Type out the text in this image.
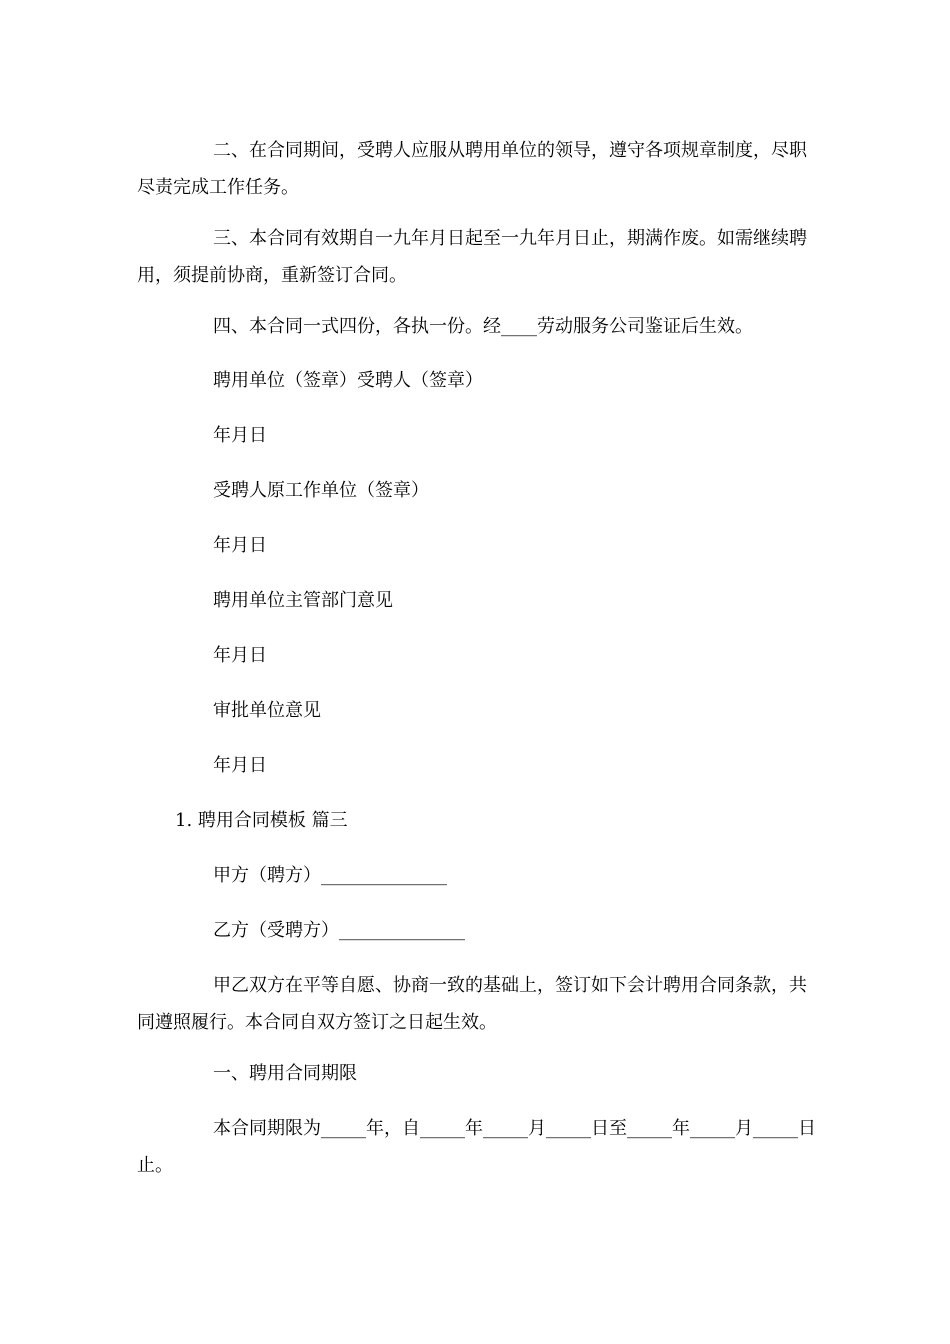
二、在合同期间，受聘人应服从聘用单位的领导，遵守各项规章制度，尽职尽责完成工作任务。

三、本合同有效期自一九年月日起至一九年月日止，期满作废。如需继续聘用，须提前协商，重新签订合同。

四、本合同一式四份，各执一份。经____劳动服务公司鉴证后生效。

聘用单位（签章）受聘人（签章）

年月日

受聘人原工作单位（签章）

年月日

聘用单位主管部门意见

年月日

审批单位意见

年月日

1. 聘用合同模板 篇三

甲方（聘方）______________

乙方（受聘方）______________

甲乙双方在平等自愿、协商一致的基础上，签订如下会计聘用合同条款，共同遵照履行。本合同自双方签订之日起生效。

一、聘用合同期限

本合同期限为_____年，自_____年_____月_____日至_____年_____月_____日止。
